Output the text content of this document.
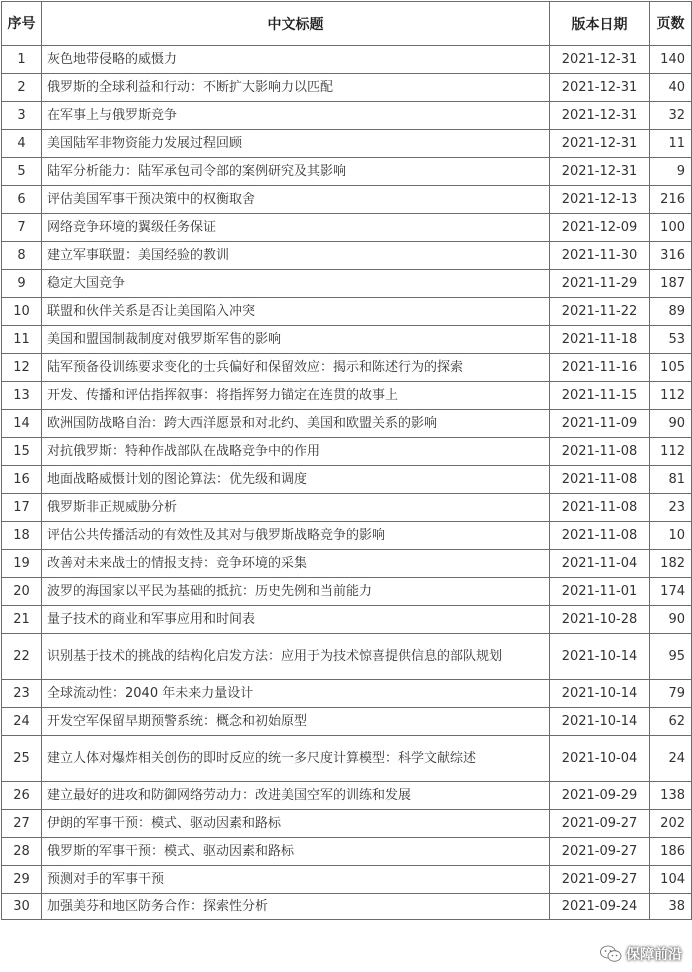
序号	中文标题	版本日期	页数
1	灰色地带侵略的威慑力	2021-12-31	140
2	俄罗斯的全球利益和行动：不断扩大影响力以匹配	2021-12-31	40
3	在军事上与俄罗斯竞争	2021-12-31	32
4	美国陆军非物资能力发展过程回顾	2021-12-31	11
5	陆军分析能力：陆军承包司令部的案例研究及其影响	2021-12-31	9
6	评估美国军事干预决策中的权衡取舍	2021-12-13	216
7	网络竞争环境的翼级任务保证	2021-12-09	100
8	建立军事联盟：美国经验的教训	2021-11-30	316
9	稳定大国竞争	2021-11-29	187
10	联盟和伙伴关系是否让美国陷入冲突	2021-11-22	89
11	美国和盟国制裁制度对俄罗斯军售的影响	2021-11-18	53
12	陆军预备役训练要求变化的士兵偏好和保留效应：揭示和陈述行为的探索	2021-11-16	105
13	开发、传播和评估指挥叙事：将指挥努力锚定在连贯的故事上	2021-11-15	112
14	欧洲国防战略自治：跨大西洋愿景和对北约、美国和欧盟关系的影响	2021-11-09	90
15	对抗俄罗斯：特种作战部队在战略竞争中的作用	2021-11-08	112
16	地面战略威慑计划的图论算法：优先级和调度	2021-11-08	81
17	俄罗斯非正规威胁分析	2021-11-08	23
18	评估公共传播活动的有效性及其对与俄罗斯战略竞争的影响	2021-11-08	10
19	改善对未来战士的情报支持：竞争环境的采集	2021-11-04	182
20	波罗的海国家以平民为基础的抵抗：历史先例和当前能力	2021-11-01	174
21	量子技术的商业和军事应用和时间表	2021-10-28	90
22	识别基于技术的挑战的结构化启发方法：应用于为技术惊喜提供信息的部队规划	2021-10-14	95
23	全球流动性：2040 年未来力量设计	2021-10-14	79
24	开发空军保留早期预警系统：概念和初始原型	2021-10-14	62
25	建立人体对爆炸相关创伤的即时反应的统一多尺度计算模型：科学文献综述	2021-10-04	24
26	建立最好的进攻和防御网络劳动力：改进美国空军的训练和发展	2021-09-29	138
27	伊朗的军事干预：模式、驱动因素和路标	2021-09-27	202
28	俄罗斯的军事干预：模式、驱动因素和路标	2021-09-27	186
29	预测对手的军事干预	2021-09-27	104
30	加强美芬和地区防务合作：探索性分析	2021-09-24	38
保障前沿
